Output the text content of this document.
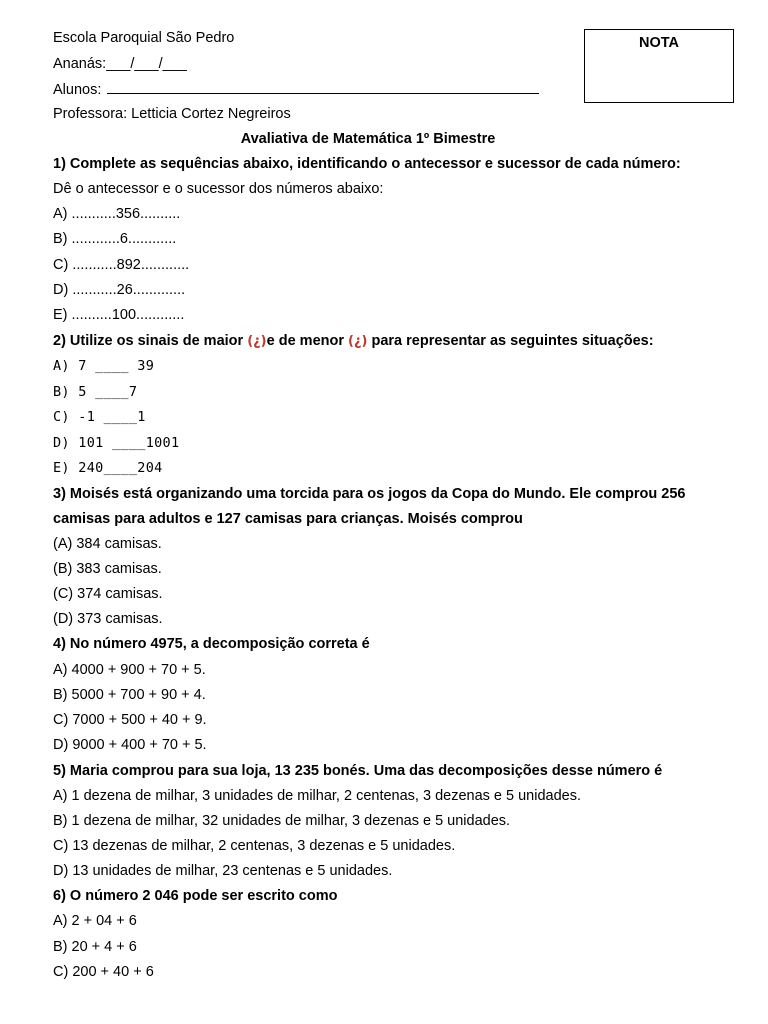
NOTA
Escola Paroquial São Pedro
Ananás:___/___/___
Alunos:
Professora: Letticia Cortez Negreiros
Avaliativa de Matemática 1º Bimestre
1) Complete as sequências abaixo, identificando o antecessor e sucessor de cada número:
Dê o antecessor e o sucessor dos números abaixo:
A) ...........356..........
B) ............6............
C) ...........892............
D) ...........26.............
E) ..........100............
2) Utilize os sinais de maior (¿)e de menor (¿) para representar as seguintes situações:
A) 7 ____ 39
B) 5 ____7
C) -1 ____1
D) 101 ____1001
E) 240____204
3) Moisés está organizando uma torcida para os jogos da Copa do Mundo. Ele comprou 256
camisas para adultos e 127 camisas para crianças. Moisés comprou
(A) 384 camisas.
(B) 383 camisas.
(C) 374 camisas.
(D) 373 camisas.
4) No número 4975, a decomposição correta é
A) 4000 + 900 + 70 + 5.
B) 5000 + 700 + 90 + 4.
C) 7000 + 500 + 40 + 9.
D) 9000 + 400 + 70 + 5.
5) Maria comprou para sua loja, 13 235 bonés. Uma das decomposições desse número é
A) 1 dezena de milhar, 3 unidades de milhar, 2 centenas, 3 dezenas e 5 unidades.
B) 1 dezena de milhar, 32 unidades de milhar, 3 dezenas e 5 unidades.
C) 13 dezenas de milhar, 2 centenas, 3 dezenas e 5 unidades.
D) 13 unidades de milhar, 23 centenas e 5 unidades.
6) O número 2 046 pode ser escrito como
A) 2 + 04 + 6
B) 20 + 4 + 6
C) 200 + 40 + 6
